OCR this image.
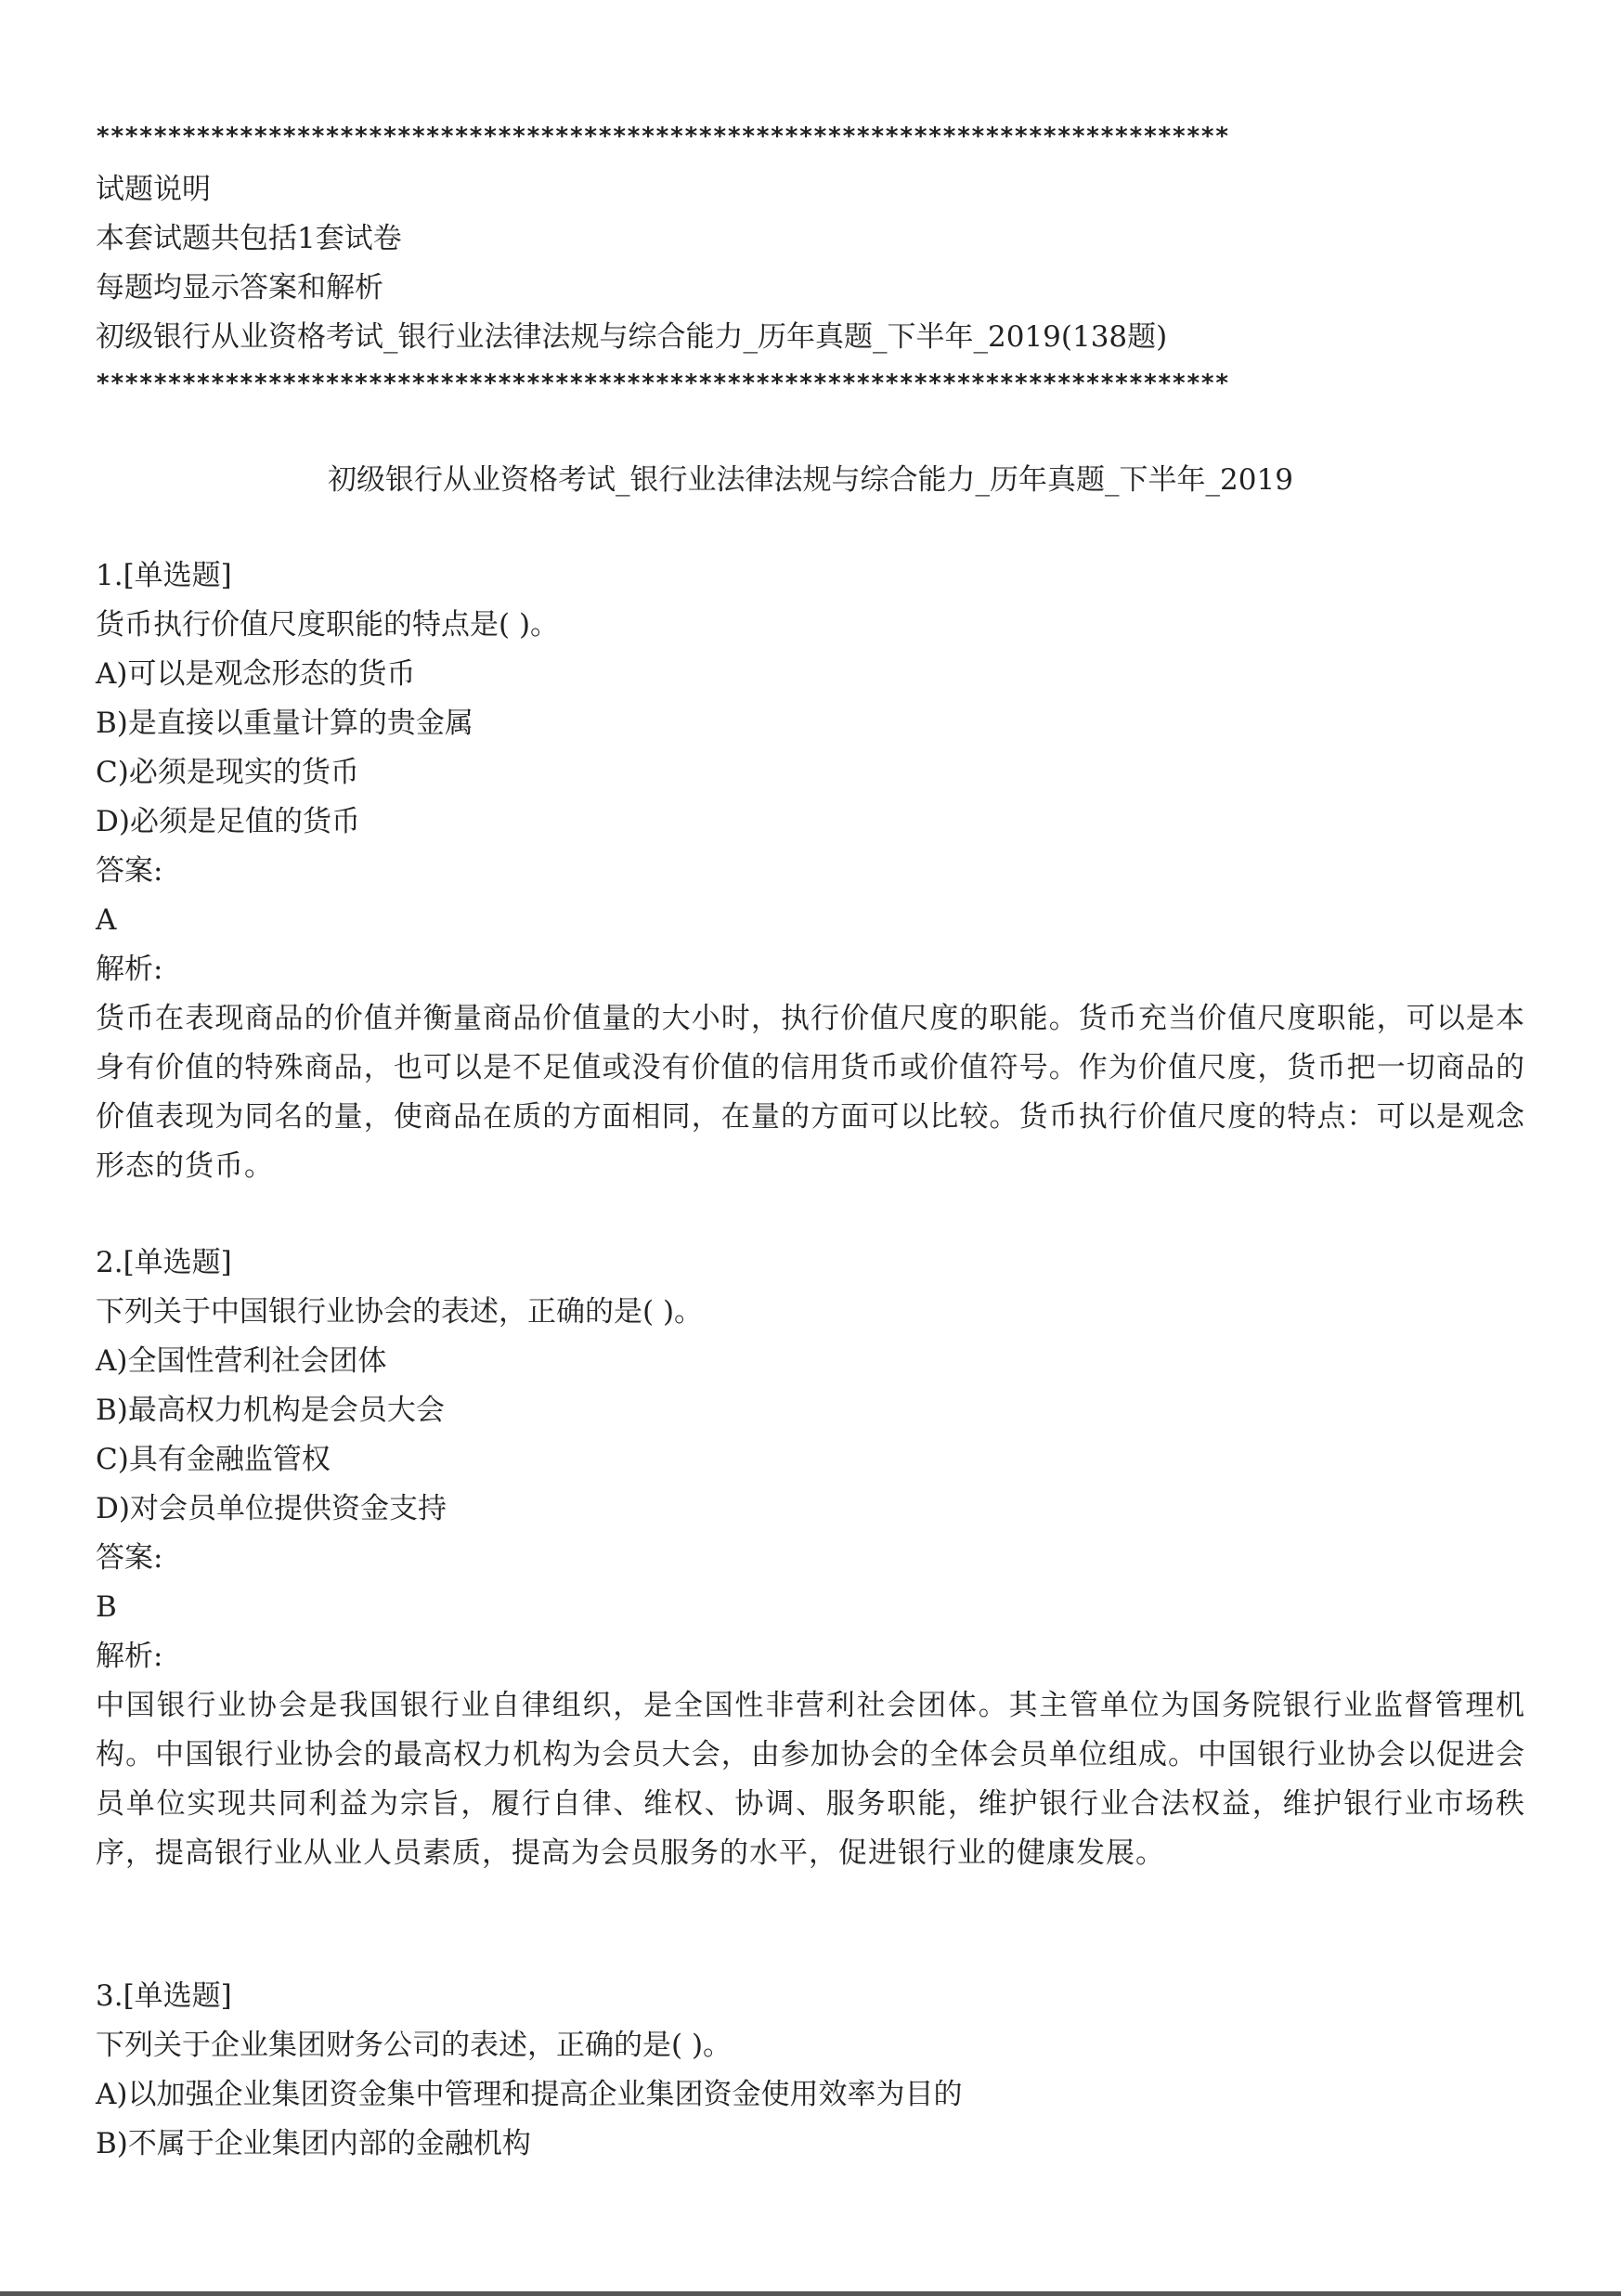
*******************************************************************************
试题说明
本套试题共包括1套试卷
每题均显示答案和解析
初级银行从业资格考试_银行业法律法规与综合能力_历年真题_下半年_2019(138题)
*******************************************************************************
初级银行从业资格考试_银行业法律法规与综合能力_历年真题_下半年_2019
1.[单选题]
货币执行价值尺度职能的特点是( )。
A)可以是观念形态的货币
B)是直接以重量计算的贵金属
C)必须是现实的货币
D)必须是足值的货币
答案:
A
解析:
货币在表现商品的价值并衡量商品价值量的大小时，执行价值尺度的职能。货币充当价值尺度职能，可以是本身有价值的特殊商品，也可以是不足值或没有价值的信用货币或价值符号。作为价值尺度，货币把一切商品的价值表现为同名的量，使商品在质的方面相同，在量的方面可以比较。货币执行价值尺度的特点：可以是观念形态的货币。
2.[单选题]
下列关于中国银行业协会的表述，正确的是( )。
A)全国性营利社会团体
B)最高权力机构是会员大会
C)具有金融监管权
D)对会员单位提供资金支持
答案:
B
解析:
中国银行业协会是我国银行业自律组织，是全国性非营利社会团体。其主管单位为国务院银行业监督管理机构。中国银行业协会的最高权力机构为会员大会，由参加协会的全体会员单位组成。中国银行业协会以促进会员单位实现共同利益为宗旨，履行自律、维权、协调、服务职能，维护银行业合法权益，维护银行业市场秩序，提高银行业从业人员素质，提高为会员服务的水平，促进银行业的健康发展。
3.[单选题]
下列关于企业集团财务公司的表述，正确的是( )。
A)以加强企业集团资金集中管理和提高企业集团资金使用效率为目的
B)不属于企业集团内部的金融机构
